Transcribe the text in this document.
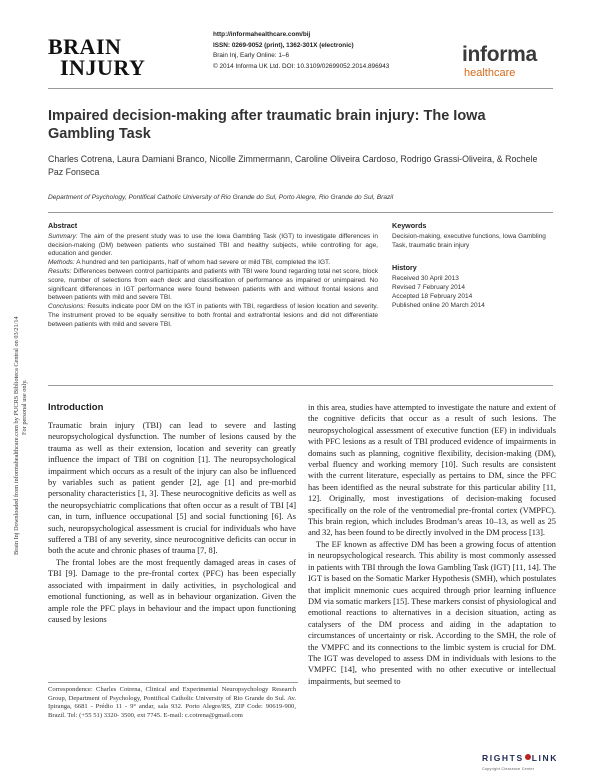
BRAIN
INJURY
http://informahealthcare.com/bij
ISSN: 0269-9052 (print), 1362-301X (electronic)
Brain Inj, Early Online: 1–6
© 2014 Informa UK Ltd. DOI: 10.3109/02699052.2014.896943	informa
healthcare
Impaired decision-making after traumatic brain injury: The Iowa Gambling Task
Charles Cotrena, Laura Damiani Branco, Nicolle Zimmermann, Caroline Oliveira Cardoso, Rodrigo Grassi-Oliveira, & Rochele Paz Fonseca
Department of Psychology, Pontifical Catholic University of Rio Grande do Sul, Porto Alegre, Rio Grande do Sul, Brazil
Abstract

Summary: The aim of the present study was to use the Iowa Gambling Task (IGT) to investigate differences in decision-making (DM) between patients who sustained TBI and healthy subjects, while controlling for age, education and gender.

Methods: A hundred and ten participants, half of whom had severe or mild TBI, completed the IGT.

Results: Differences between control participants and patients with TBI were found regarding total net score, block score, number of selections from each deck and classification of performance as impaired or unimpaired. No significant differences in IGT performance were found between patients with and without frontal lesions and between patients with mild and severe TBI.

Conclusions: Results indicate poor DM on the IGT in patients with TBI, regardless of lesion location and severity. The instrument proved to be equally sensitive to both frontal and extrafrontal lesions and did not differentiate between patients with mild and severe TBI.

Keywords
Decision-making, executive functions, Iowa Gambling Task, traumatic brain injury
History
Received 30 April 2013
Revised 7 February 2014
Accepted 18 February 2014
Published online 20 March 2014
Introduction

Traumatic brain injury (TBI) can lead to severe and lasting neuropsychological dysfunction. The number of lesions caused by the trauma as well as their extension, location and severity can greatly influence the impact of TBI on cognition [1]. The neuropsychological impairment which occurs as a result of the injury can also be influenced by variables such as patient gender [2], age [1] and pre-morbid personality characteristics [1, 3]. These neurocognitive deficits as well as the neuropsychiatric complications that often occur as a result of TBI [4] can, in turn, influence occupational [5] and social functioning [6]. As such, neuropsychological assessment is crucial for individuals who have suffered a TBI of any severity, since neurocognitive deficits can occur in both the acute and chronic phases of trauma [7, 8].

The frontal lobes are the most frequently damaged areas in cases of TBI [9]. Damage to the pre-frontal cortex (PFC) has been especially associated with impairment in daily activities, in psychological and emotional functioning, as well as in behaviour organization. Given the ample role the PFC plays in behaviour and the impact upon functioning caused by lesions

in this area, studies have attempted to investigate the nature and extent of the cognitive deficits that occur as a result of such lesions. The neuropsychological assessment of executive function (EF) in individuals with PFC lesions as a result of TBI produced evidence of impairments in domains such as planning, cognitive flexibility, decision-making (DM), verbal fluency and working memory [10]. Such results are consistent with the current literature, especially as pertains to DM, since the PFC has been identified as the neural substrate for this particular ability [11, 12]. Originally, most investigations of decision-making focused specifically on the role of the ventromedial pre-frontal cortex (VMPFC). This brain region, which includes Brodman’s areas 10–13, as well as 25 and 32, has been found to be directly involved in the DM process [13].

The EF known as affective DM has been a growing focus of attention in neuropsychological research. This ability is most commonly assessed in patients with TBI through the Iowa Gambling Task (IGT) [11, 14]. The IGT is based on the Somatic Marker Hypothesis (SMH), which postulates that implicit mnemonic cues acquired through prior learning influence DM via somatic markers [15]. These markers consist of physiological and emotional reactions to alternatives in a decision situation, acting as catalysers of the DM process and aiding in the adaptation to circumstances of uncertainty or risk. According to the SMH, the role of the VMPFC and its connections to the limbic system is crucial for DM. The IGT was developed to assess DM in individuals with lesions to the VMPFC [14], who presented with no other executive or intellectual impairments, but seemed to

Correspondence: Charles Cotrena, Clinical and Experimental Neuropsychology Research Group, Department of Psychology, Pontifical Catholic University of Rio Grande do Sul. Av. Ipiranga, 6681 - Prédio 11 - 9° andar, sala 932. Porto Alegre/RS, ZIP Code: 90619-900, Brazil. Tel: (+55 51) 3320- 3500, ext 7745. E-mail: c.cotrena@gmail.com
Brain Inj Downloaded from informahealthcare.com by PUCRS Biblioteca Central on 03/21/14
For personal use only.
RIGHTS LINK
Copyright Clearance Center
